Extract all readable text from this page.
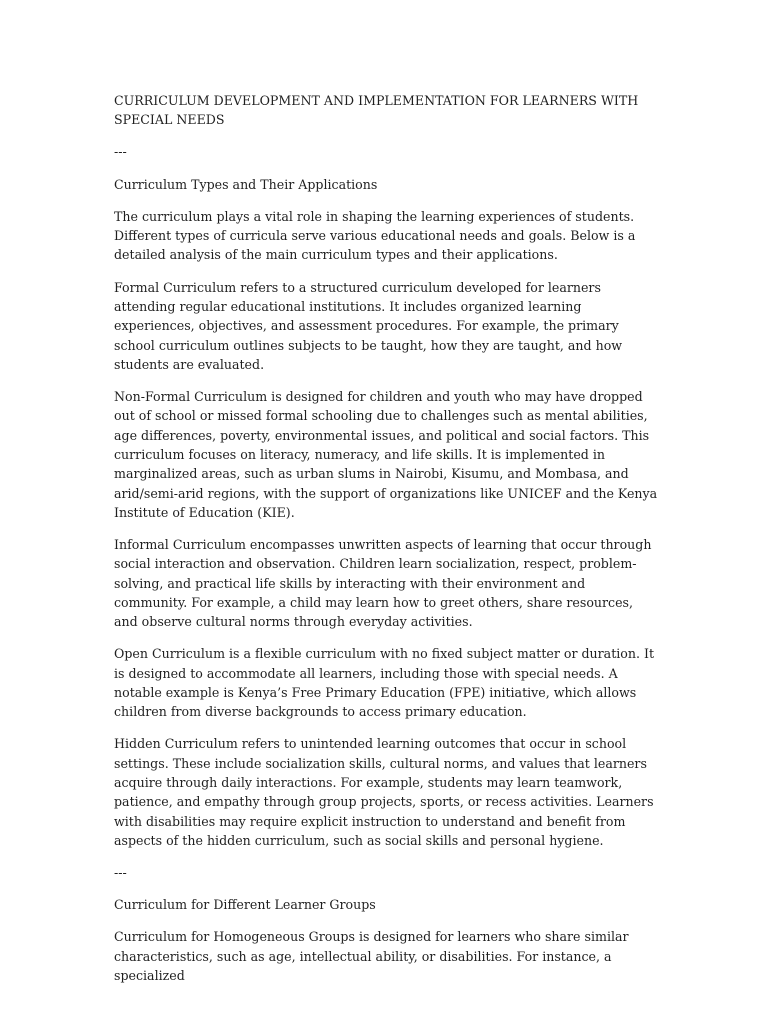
CURRICULUM DEVELOPMENT AND IMPLEMENTATION FOR LEARNERS WITH SPECIAL NEEDS

---

Curriculum Types and Their Applications

The curriculum plays a vital role in shaping the learning experiences of students. Different types of curricula serve various educational needs and goals. Below is a detailed analysis of the main curriculum types and their applications.

Formal Curriculum refers to a structured curriculum developed for learners attending regular educational institutions. It includes organized learning experiences, objectives, and assessment procedures. For example, the primary school curriculum outlines subjects to be taught, how they are taught, and how students are evaluated.

Non-Formal Curriculum is designed for children and youth who may have dropped out of school or missed formal schooling due to challenges such as mental abilities, age differences, poverty, environmental issues, and political and social factors. This curriculum focuses on literacy, numeracy, and life skills. It is implemented in marginalized areas, such as urban slums in Nairobi, Kisumu, and Mombasa, and arid/semi-arid regions, with the support of organizations like UNICEF and the Kenya Institute of Education (KIE).

Informal Curriculum encompasses unwritten aspects of learning that occur through social interaction and observation. Children learn socialization, respect, problem-solving, and practical life skills by interacting with their environment and community. For example, a child may learn how to greet others, share resources, and observe cultural norms through everyday activities.

Open Curriculum is a flexible curriculum with no fixed subject matter or duration. It is designed to accommodate all learners, including those with special needs. A notable example is Kenya’s Free Primary Education (FPE) initiative, which allows children from diverse backgrounds to access primary education.

Hidden Curriculum refers to unintended learning outcomes that occur in school settings. These include socialization skills, cultural norms, and values that learners acquire through daily interactions. For example, students may learn teamwork, patience, and empathy through group projects, sports, or recess activities. Learners with disabilities may require explicit instruction to understand and benefit from aspects of the hidden curriculum, such as social skills and personal hygiene.

---

Curriculum for Different Learner Groups

Curriculum for Homogeneous Groups is designed for learners who share similar characteristics, such as age, intellectual ability, or disabilities. For instance, a specialized
